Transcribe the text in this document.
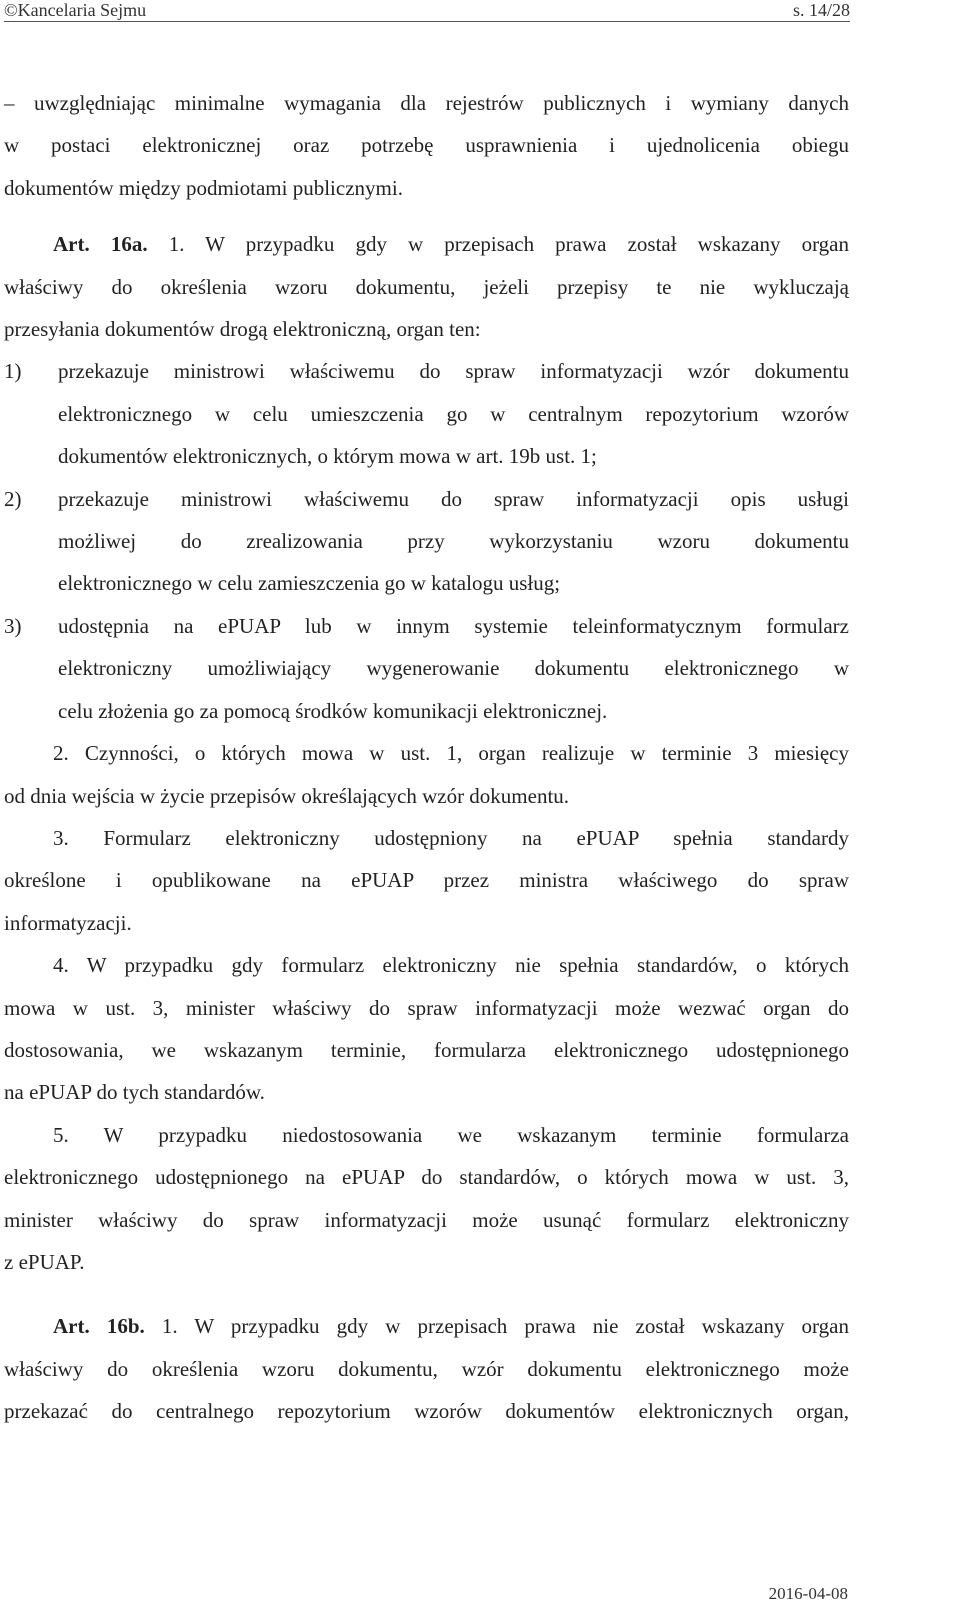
©Kancelaria Sejmu	s. 14/28

– uwzględniając minimalne wymagania dla rejestrów publicznych i wymiany danych

w postaci elektronicznej oraz potrzebę usprawnienia i ujednolicenia obiegu

dokumentów między podmiotami publicznymi.

Art. 16a. 1. W przypadku gdy w przepisach prawa został wskazany organ

właściwy do określenia wzoru dokumentu, jeżeli przepisy te nie wykluczają

przesyłania dokumentów drogą elektroniczną, organ ten:

1)	przekazuje ministrowi właściwemu do spraw informatyzacji wzór dokumentu

elektronicznego w celu umieszczenia go w centralnym repozytorium wzorów

dokumentów elektronicznych, o którym mowa w art. 19b ust. 1;

2)	przekazuje ministrowi właściwemu do spraw informatyzacji opis usługi

możliwej do zrealizowania przy wykorzystaniu wzoru dokumentu

elektronicznego w celu zamieszczenia go w katalogu usług;

3)	udostępnia na ePUAP lub w innym systemie teleinformatycznym formularz

elektroniczny umożliwiający wygenerowanie dokumentu elektronicznego w

celu złożenia go za pomocą środków komunikacji elektronicznej.

2. Czynności, o których mowa w ust. 1, organ realizuje w terminie 3 miesięcy

od dnia wejścia w życie przepisów określających wzór dokumentu.

3. Formularz elektroniczny udostępniony na ePUAP spełnia standardy

określone i opublikowane na ePUAP przez ministra właściwego do spraw

informatyzacji.

4. W przypadku gdy formularz elektroniczny nie spełnia standardów, o których

mowa w ust. 3, minister właściwy do spraw informatyzacji może wezwać organ do

dostosowania, we wskazanym terminie, formularza elektronicznego udostępnionego

na ePUAP do tych standardów.

5. W przypadku niedostosowania we wskazanym terminie formularza

elektronicznego udostępnionego na ePUAP do standardów, o których mowa w ust. 3,

minister właściwy do spraw informatyzacji może usunąć formularz elektroniczny

z ePUAP.

Art. 16b. 1. W przypadku gdy w przepisach prawa nie został wskazany organ

właściwy do określenia wzoru dokumentu, wzór dokumentu elektronicznego może

przekazać do centralnego repozytorium wzorów dokumentów elektronicznych organ,

2016-04-08
